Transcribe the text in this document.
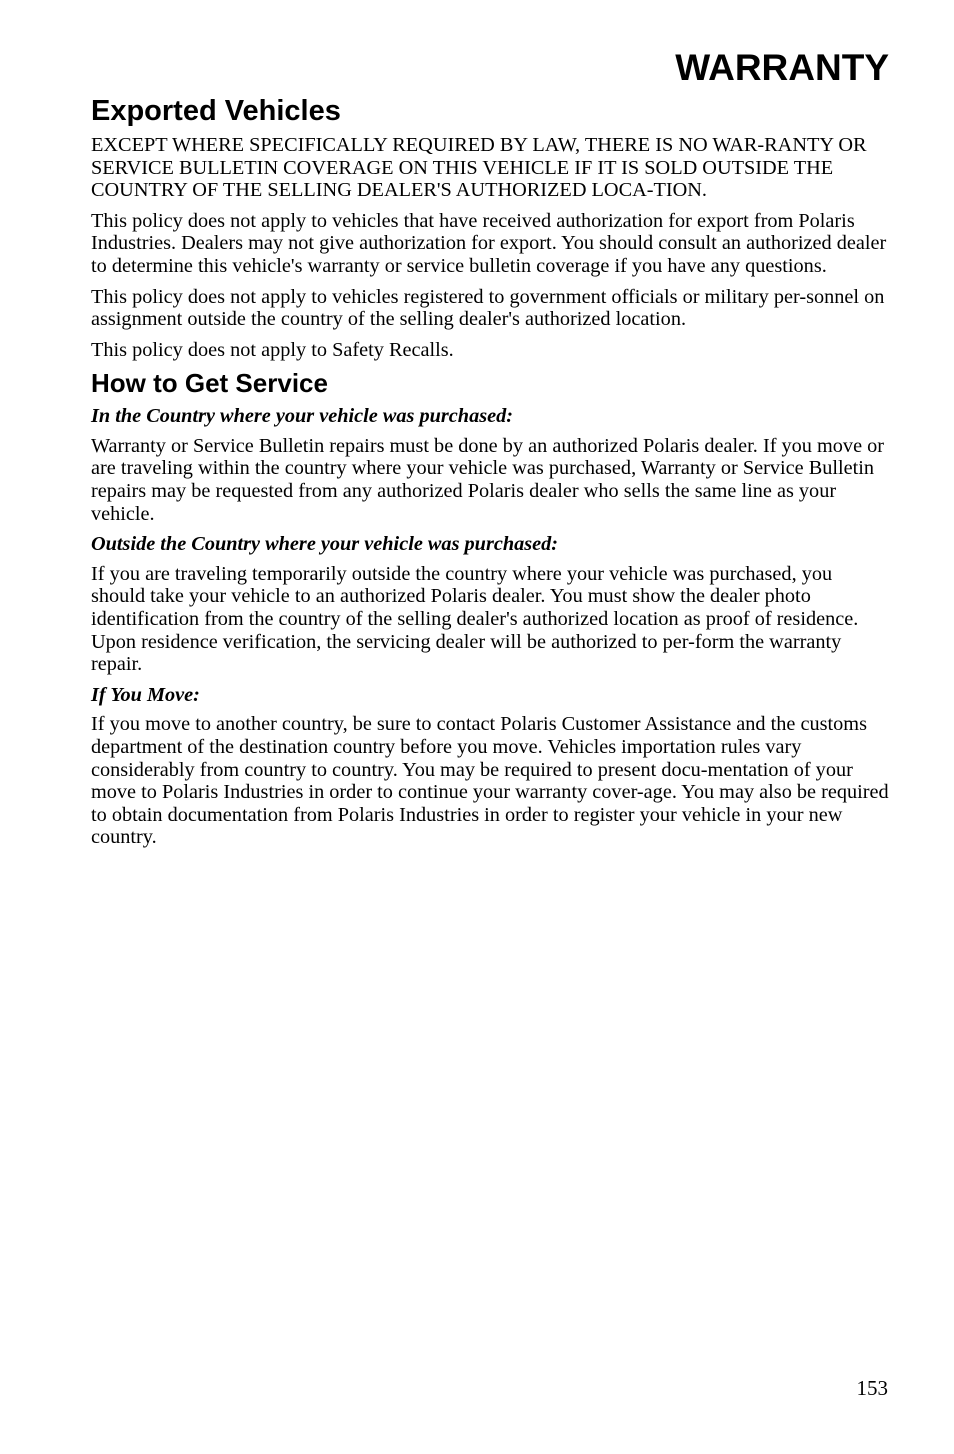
WARRANTY
Exported Vehicles

EXCEPT WHERE SPECIFICALLY REQUIRED BY LAW, THERE IS NO WAR-RANTY OR SERVICE BULLETIN COVERAGE ON THIS VEHICLE IF IT IS SOLD OUTSIDE THE COUNTRY OF THE SELLING DEALER'S AUTHORIZED LOCA-TION.

This policy does not apply to vehicles that have received authorization for export from Polaris Industries. Dealers may not give authorization for export. You should consult an authorized dealer to determine this vehicle's warranty or service bulletin coverage if you have any questions.

This policy does not apply to vehicles registered to government officials or military per-sonnel on assignment outside the country of the selling dealer's authorized location.

This policy does not apply to Safety Recalls.

How to Get Service

In the Country where your vehicle was purchased:

Warranty or Service Bulletin repairs must be done by an authorized Polaris dealer. If you move or are traveling within the country where your vehicle was purchased, Warranty or Service Bulletin repairs may be requested from any authorized Polaris dealer who sells the same line as your vehicle.

Outside the Country where your vehicle was purchased:

If you are traveling temporarily outside the country where your vehicle was purchased, you should take your vehicle to an authorized Polaris dealer. You must show the dealer photo identification from the country of the selling dealer's authorized location as proof of residence. Upon residence verification, the servicing dealer will be authorized to per-form the warranty repair.

If You Move:

If you move to another country, be sure to contact Polaris Customer Assistance and the customs department of the destination country before you move. Vehicles importation rules vary considerably from country to country. You may be required to present docu-mentation of your move to Polaris Industries in order to continue your warranty cover-age. You may also be required to obtain documentation from Polaris Industries in order to register your vehicle in your new country.

153
